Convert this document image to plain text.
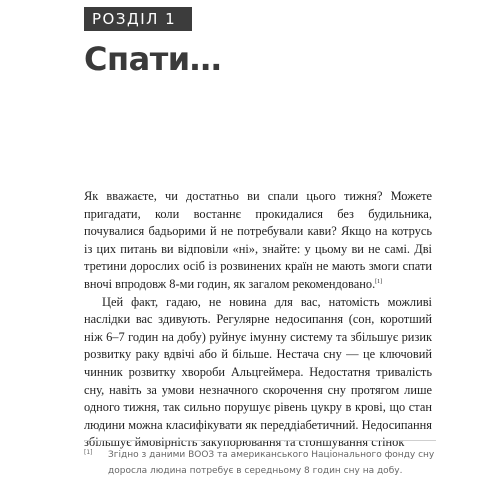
РОЗДІЛ 1
Спати…

Як вважаєте, чи достатньо ви спали цього тижня? Можете пригадати, коли востаннє прокидалися без будильника, почувалися бадьорими й не потребували кави? Якщо на котрусь із цих питань ви відповіли «ні», знайте: у цьому ви не самі. Дві третини дорослих осіб із розвинених країн не мають змоги спати вночі впродовж 8-ми годин, як загалом рекомендовано.[1]

Цей факт, гадаю, не новина для вас, натомість можливі наслідки вас здивують. Регулярне недосипання (сон, коротший ніж 6–7 годин на добу) руйнує імунну систему та збільшує ризик розвитку раку вдвічі або й більше. Нестача сну — це ключовий чинник розвитку хвороби Альцгеймера. Недостатня тривалість сну, навіть за умови незначного скорочення сну протягом лише одного тижня, так сильно порушує рівень цукру в крові, що стан людини можна класифікувати як переддіабетичний. Недосипання збільшує ймовірність закупорювання та стоншування стінок

[1]	Згідно з даними ВООЗ та американського Національного фонду сну доросла людина потребує в середньому 8 годин сну на добу.
